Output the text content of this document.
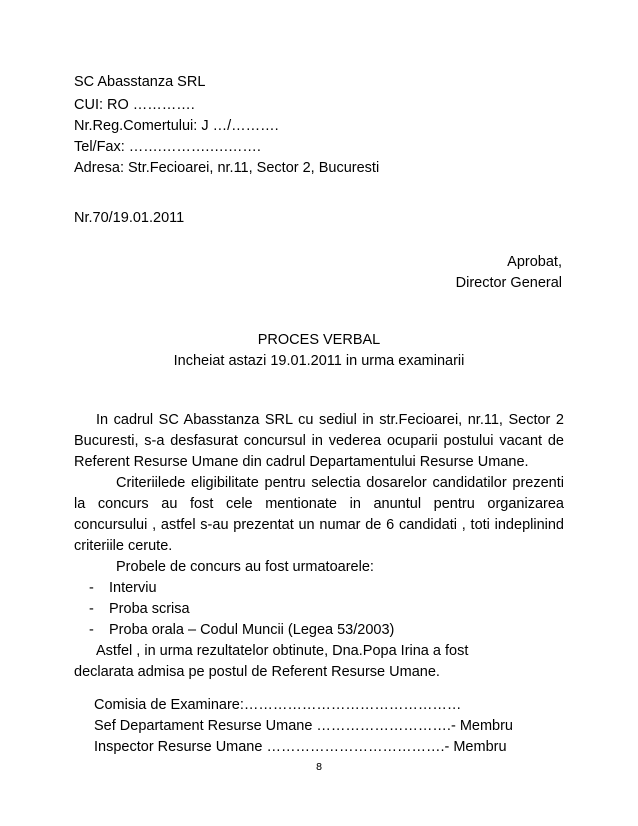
SC Abasstanza SRL

CUI: RO ………….

Nr.Reg.Comertului: J …/……….

Tel/Fax: …….……….….…….

Adresa: Str.Fecioarei, nr.11, Sector 2, Bucuresti

Nr.70/19.01.2011

Aprobat,

Director General

PROCES VERBAL

Incheiat astazi 19.01.2011 in urma examinarii

In cadrul SC Abasstanza SRL cu sediul in str.Fecioarei, nr.11, Sector 2 Bucuresti, s-a desfasurat concursul in vederea ocuparii postului vacant de Referent Resurse Umane din cadrul Departamentului Resurse Umane.

Criteriilede eligibilitate pentru selectia dosarelor candidatilor prezenti la concurs au fost cele mentionate in anuntul pentru organizarea concursului , astfel s-au prezentat un numar de 6 candidati , toti indeplinind criteriile cerute.

Probele de concurs au fost urmatoarele:

- Interviu
- Proba scrisa
- Proba orala – Codul Muncii (Legea 53/2003)

Astfel , in urma rezultatelor obtinute, Dna.Popa Irina a fost declarata admisa pe postul de Referent Resurse Umane.

Comisia de Examinare:………………………………………

Sef Departament Resurse Umane ……………………….- Membru

Inspector Resurse Umane ……………………………….- Membru

8
